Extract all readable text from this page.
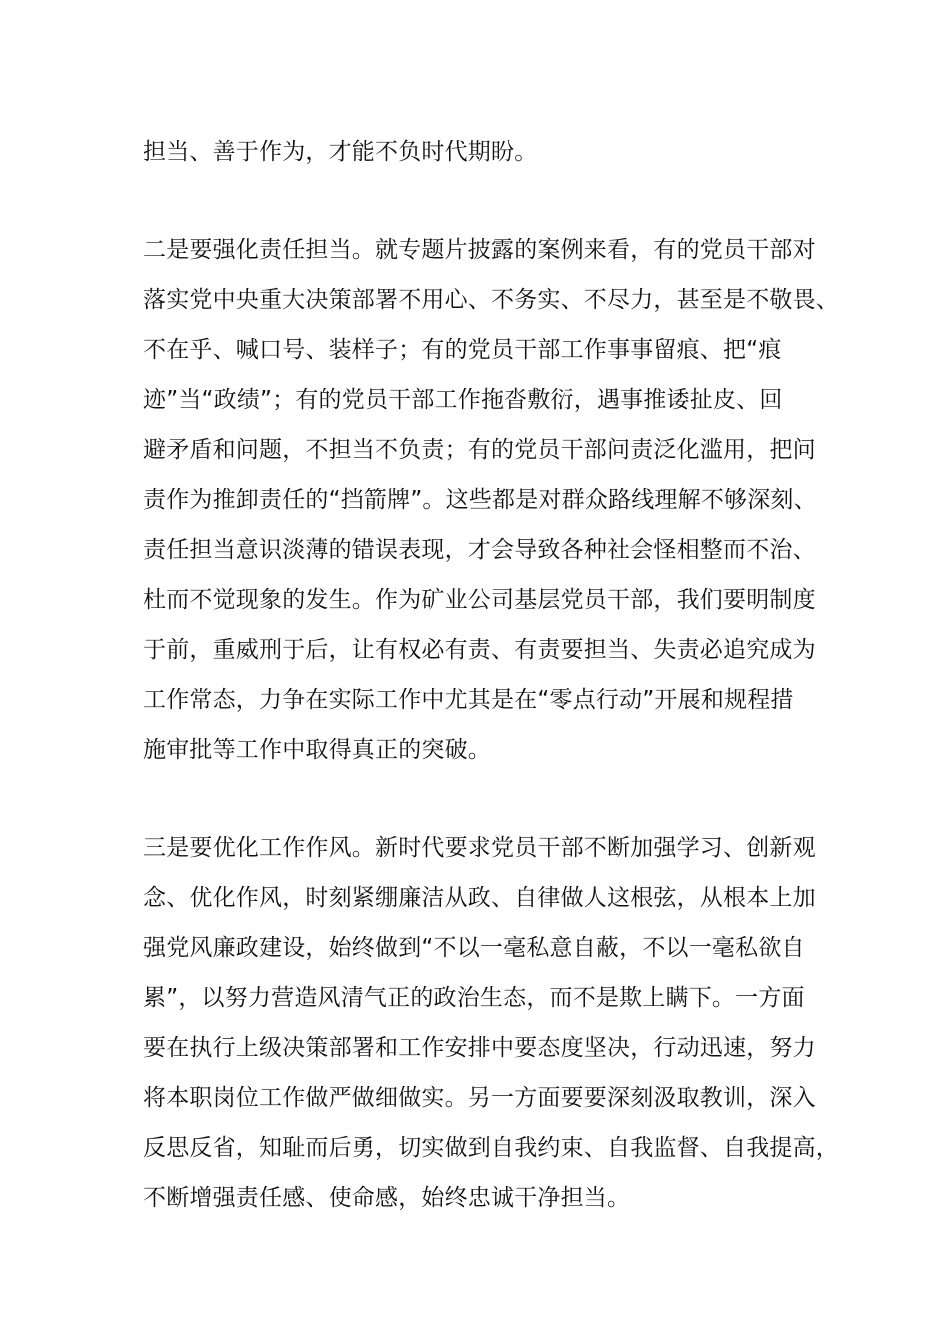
担当、善于作为，才能不负时代期盼。

二是要强化责任担当。就专题片披露的案例来看，有的党员干部对

落实党中央重大决策部署不用心、不务实、不尽力，甚至是不敬畏、

不在乎、喊口号、装样子；有的党员干部工作事事留痕、把“痕

迹”当“政绩”；有的党员干部工作拖沓敷衍，遇事推诿扯皮、回

避矛盾和问题，不担当不负责；有的党员干部问责泛化滥用，把问

责作为推卸责任的“挡箭牌”。这些都是对群众路线理解不够深刻、

责任担当意识淡薄的错误表现，才会导致各种社会怪相整而不治、

杜而不觉现象的发生。作为矿业公司基层党员干部，我们要明制度

于前，重威刑于后，让有权必有责、有责要担当、失责必追究成为

工作常态，力争在实际工作中尤其是在“零点行动”开展和规程措

施审批等工作中取得真正的突破。

三是要优化工作作风。新时代要求党员干部不断加强学习、创新观

念、优化作风，时刻紧绷廉洁从政、自律做人这根弦，从根本上加

强党风廉政建设，始终做到“不以一毫私意自蔽，不以一毫私欲自

累”，以努力营造风清气正的政治生态，而不是欺上瞒下。一方面

要在执行上级决策部署和工作安排中要态度坚决，行动迅速，努力

将本职岗位工作做严做细做实。另一方面要要深刻汲取教训，深入

反思反省，知耻而后勇，切实做到自我约束、自我监督、自我提高，

不断增强责任感、使命感，始终忠诚干净担当。
